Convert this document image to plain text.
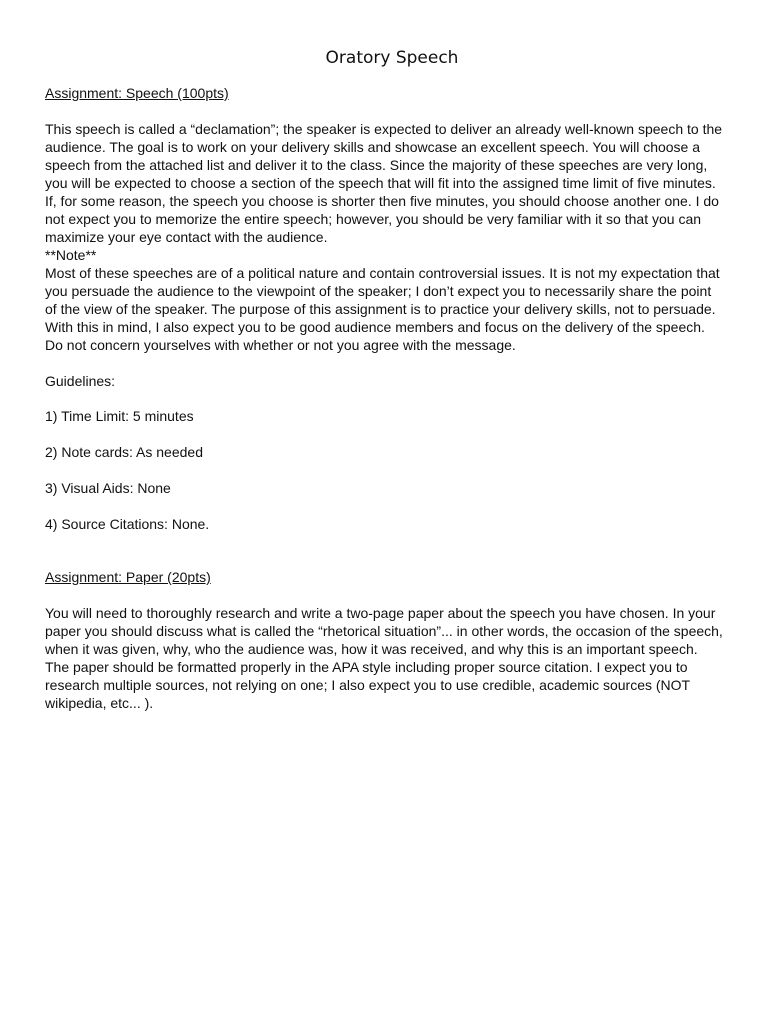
Oratory Speech

Assignment: Speech (100pts)

This speech is called a “declamation”; the speaker is expected to deliver an already well-known speech to the audience. The goal is to work on your delivery skills and showcase an excellent speech. You will choose a speech from the attached list and deliver it to the class. Since the majority of these speeches are very long, you will be expected to choose a section of the speech that will fit into the assigned time limit of five minutes. If, for some reason, the speech you choose is shorter then five minutes, you should choose another one. I do not expect you to memorize the entire speech; however, you should be very familiar with it so that you can maximize your eye contact with the audience.

**Note**

Most of these speeches are of a political nature and contain controversial issues. It is not my expectation that you persuade the audience to the viewpoint of the speaker; I don’t expect you to necessarily share the point of the view of the speaker. The purpose of this assignment is to practice your delivery skills, not to persuade. With this in mind, I also expect you to be good audience members and focus on the delivery of the speech. Do not concern yourselves with whether or not you agree with the message.

Guidelines:

1) Time Limit: 5 minutes

2) Note cards: As needed

3) Visual Aids: None

4) Source Citations: None.

Assignment: Paper (20pts)

You will need to thoroughly research and write a two-page paper about the speech you have chosen. In your paper you should discuss what is called the “rhetorical situation”... in other words, the occasion of the speech, when it was given, why, who the audience was, how it was received, and why this is an important speech. The paper should be formatted properly in the APA style including proper source citation. I expect you to research multiple sources, not relying on one; I also expect you to use credible, academic sources (NOT wikipedia, etc... ).
